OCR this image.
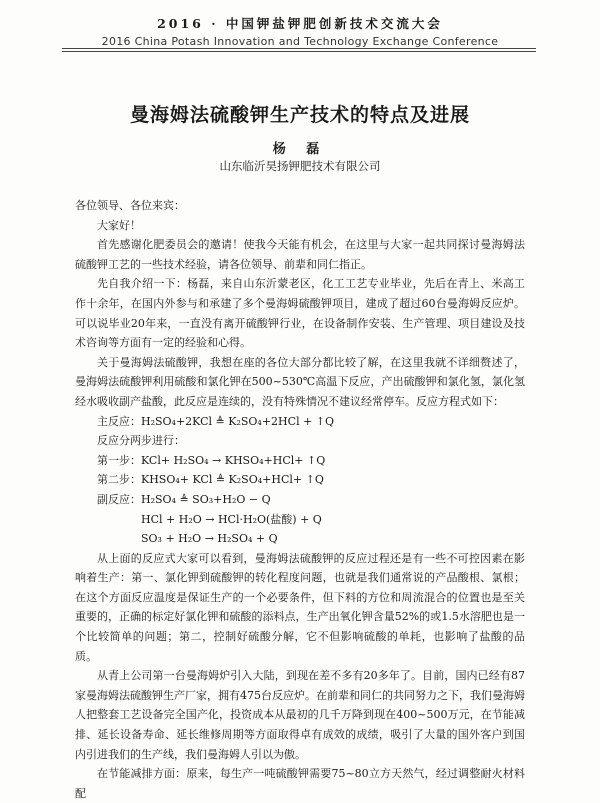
2016 · 中国钾盐钾肥创新技术交流大会
2016 China Potash Innovation and Technology Exchange Conference
曼海姆法硫酸钾生产技术的特点及进展
杨 磊
山东临沂昊扬钾肥技术有限公司

各位领导、各位来宾：

大家好！

首先感谢化肥委员会的邀请！使我今天能有机会，在这里与大家一起共同探讨曼海姆法硫酸钾工艺的一些技术经验，请各位领导、前辈和同仁指正。

先自我介绍一下：杨磊，来自山东沂蒙老区，化工工艺专业毕业，先后在青上、米高工作十余年，在国内外参与和承建了多个曼海姆硫酸钾项目，建成了超过60台曼海姆反应炉。可以说毕业20年来，一直没有离开硫酸钾行业，在设备制作安装、生产管理、项目建设及技术咨询等方面有一定的经验和心得。

关于曼海姆法硫酸钾，我想在座的各位大部分都比较了解，在这里我就不详细赘述了，曼海姆法硫酸钾利用硫酸和氯化钾在500~530℃高温下反应，产出硫酸钾和氯化氢，氯化氢经水吸收副产盐酸，此反应是连续的，没有特殊情况不建议经常停车。反应方程式如下：

主反应：H₂SO₄+2KCl ≜ K₂SO₄+2HCl + ↑Q

反应分两步进行：

第一步：KCl+ H₂SO₄ → KHSO₄+HCl+ ↑Q

第二步：KHSO₄+ KCl ≜ K₂SO₄+HCl+ ↑Q

副反应：H₂SO₄ ≜ SO₃+H₂O − Q

HCl + H₂O → HCl·H₂O(盐酸) + Q

SO₃ + H₂O → H₂SO₄ + Q

从上面的反应式大家可以看到，曼海姆法硫酸钾的反应过程还是有一些不可控因素在影响着生产：第一、氯化钾到硫酸钾的转化程度问题，也就是我们通常说的产品酸根、氯根；在这个方面反应温度是保证生产的一个必要条件，但下料的方位和周流混合的位置也是至关重要的，正确的标定好氯化钾和硫酸的添料点，生产出氧化钾含量52%的或1.5水溶肥也是一个比较简单的问题；第二，控制好硫酸分解，它不但影响硫酸的单耗，也影响了盐酸的品质。

从青上公司第一台曼海姆炉引入大陆，到现在差不多有20多年了。目前，国内已经有87家曼海姆法硫酸钾生产厂家，拥有475台反应炉。在前辈和同仁的共同努力之下，我们曼海姆人把整套工艺设备完全国产化，投资成本从最初的几千万降到现在400~500万元，在节能减排、延长设备寿命、延长维修周期等方面取得卓有成效的成绩，吸引了大量的国外客户到国内引进我们的生产线，我们曼海姆人引以为傲。

在节能减排方面：原来，每生产一吨硫酸钾需要75~80立方天然气，经过调整耐火材料配
